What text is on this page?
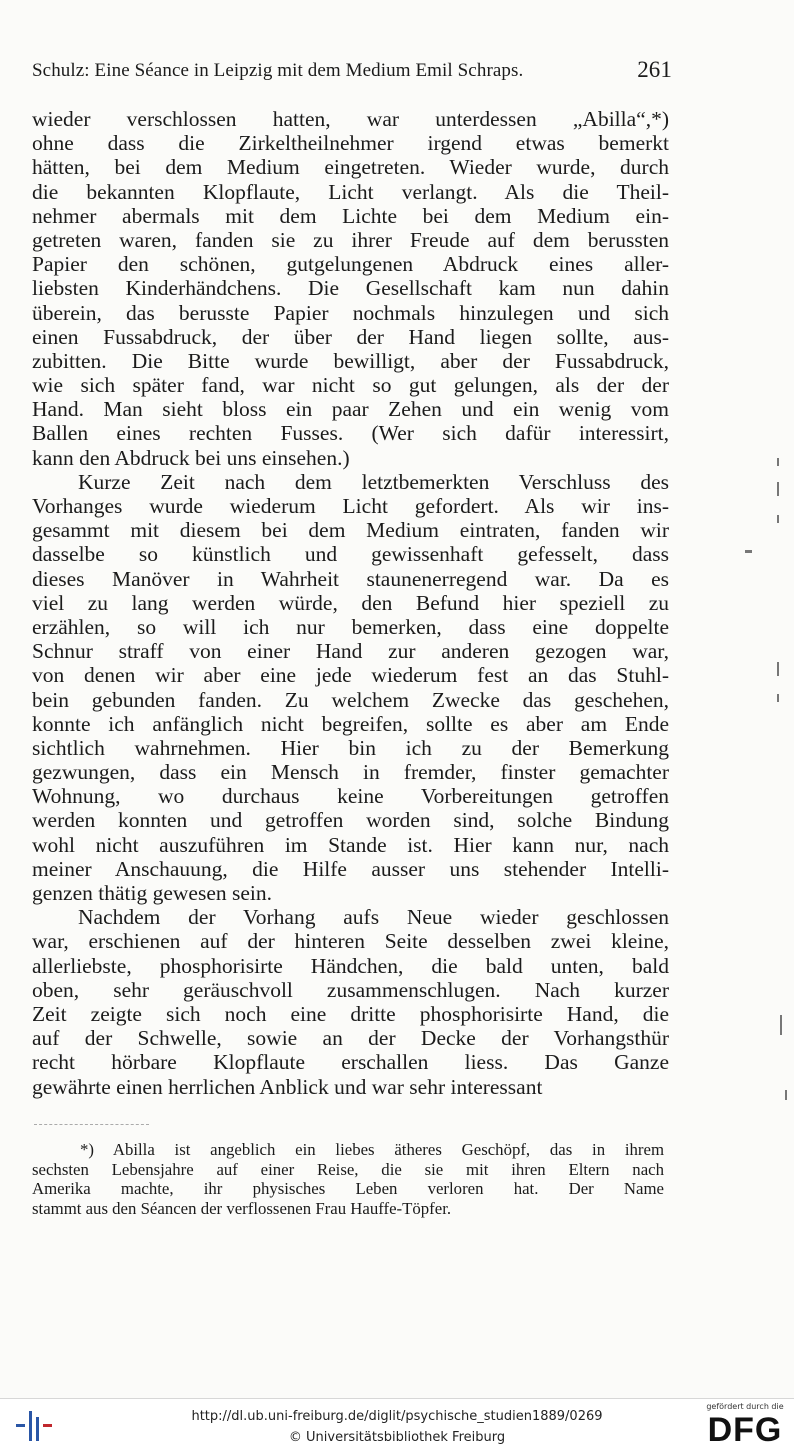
Schulz: Eine Séance in Leipzig mit dem Medium Emil Schraps.	261
wieder verschlossen hatten, war unterdessen „Abilla“,*)
ohne dass die Zirkeltheilnehmer irgend etwas bemerkt
hätten, bei dem Medium eingetreten. Wieder wurde, durch
die bekannten Klopflaute, Licht verlangt. Als die Theil-
nehmer abermals mit dem Lichte bei dem Medium ein-
getreten waren, fanden sie zu ihrer Freude auf dem berussten
Papier den schönen, gutgelungenen Abdruck eines aller-
liebsten Kinderhändchens. Die Gesellschaft kam nun dahin
überein, das berusste Papier nochmals hinzulegen und sich
einen Fussabdruck, der über der Hand liegen sollte, aus-
zubitten. Die Bitte wurde bewilligt, aber der Fussabdruck,
wie sich später fand, war nicht so gut gelungen, als der der
Hand. Man sieht bloss ein paar Zehen und ein wenig vom
Ballen eines rechten Fusses. (Wer sich dafür interessirt,
kann den Abdruck bei uns einsehen.)
Kurze Zeit nach dem letztbemerkten Verschluss des
Vorhanges wurde wiederum Licht gefordert. Als wir ins-
gesammt mit diesem bei dem Medium eintraten, fanden wir
dasselbe so künstlich und gewissenhaft gefesselt, dass
dieses Manöver in Wahrheit staunenerregend war. Da es
viel zu lang werden würde, den Befund hier speziell zu
erzählen, so will ich nur bemerken, dass eine doppelte
Schnur straff von einer Hand zur anderen gezogen war,
von denen wir aber eine jede wiederum fest an das Stuhl-
bein gebunden fanden. Zu welchem Zwecke das geschehen,
konnte ich anfänglich nicht begreifen, sollte es aber am Ende
sichtlich wahrnehmen. Hier bin ich zu der Bemerkung
gezwungen, dass ein Mensch in fremder, finster gemachter
Wohnung, wo durchaus keine Vorbereitungen getroffen
werden konnten und getroffen worden sind, solche Bindung
wohl nicht auszuführen im Stande ist. Hier kann nur, nach
meiner Anschauung, die Hilfe ausser uns stehender Intelli-
genzen thätig gewesen sein.
Nachdem der Vorhang aufs Neue wieder geschlossen
war, erschienen auf der hinteren Seite desselben zwei kleine,
allerliebste, phosphorisirte Händchen, die bald unten, bald
oben, sehr geräuschvoll zusammenschlugen. Nach kurzer
Zeit zeigte sich noch eine dritte phosphorisirte Hand, die
auf der Schwelle, sowie an der Decke der Vorhangsthür
recht hörbare Klopflaute erschallen liess. Das Ganze
gewährte einen herrlichen Anblick und war sehr interessant
*) Abilla ist angeblich ein liebes ätheres Geschöpf, das in ihrem
sechsten Lebensjahre auf einer Reise, die sie mit ihren Eltern nach
Amerika machte, ihr physisches Leben verloren hat. Der Name
stammt aus den Séancen der verflossenen Frau Hauffe-Töpfer.
http://dl.ub.uni-freiburg.de/diglit/psychische_studien1889/0269
© Universitätsbibliothek Freiburg
gefördert durch die
DFG
